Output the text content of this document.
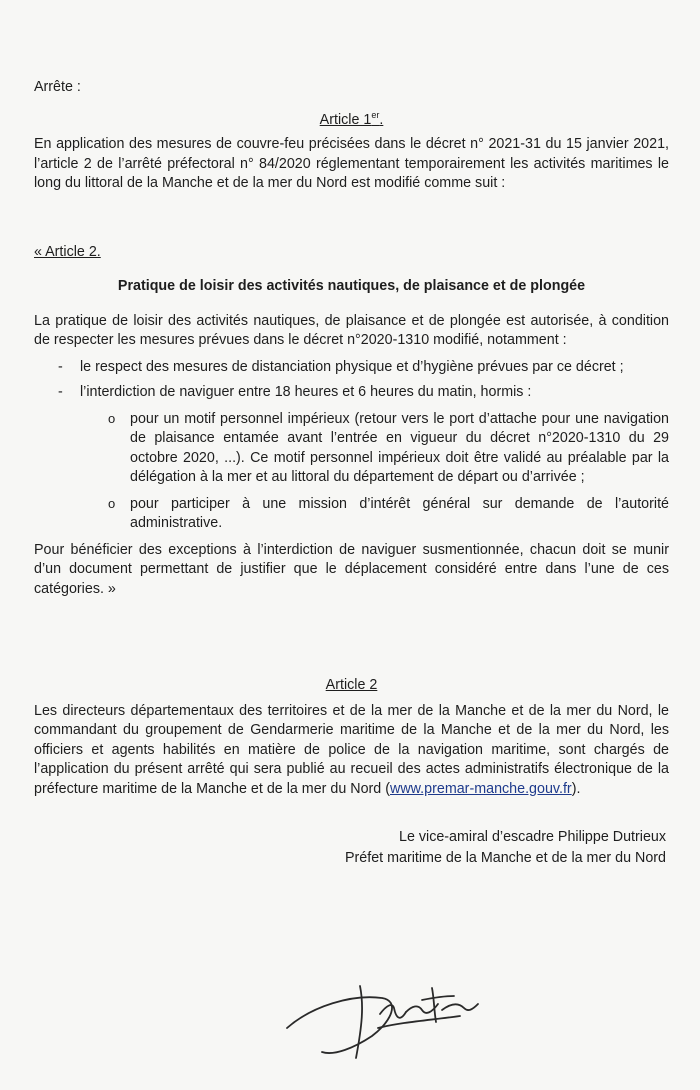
Arrête :

Article 1er.

En application des mesures de couvre-feu précisées dans le décret n° 2021-31 du 15 janvier 2021, l’article 2 de l’arrêté préfectoral n° 84/2020 réglementant temporairement les activités maritimes le long du littoral de la Manche et de la mer du Nord est modifié comme suit :

« Article 2.

Pratique de loisir des activités nautiques, de plaisance et de plongée

La pratique de loisir des activités nautiques, de plaisance et de plongée est autorisée, à condition de respecter les mesures prévues dans le décret n°2020-1310 modifié, notamment :

- le respect des mesures de distanciation physique et d’hygiène prévues par ce décret ;
- l’interdiction de naviguer entre 18 heures et 6 heures du matin, hormis :
o pour un motif personnel impérieux (retour vers le port d’attache pour une navigation de plaisance entamée avant l’entrée en vigueur du décret n°2020-1310 du 29 octobre 2020, ...). Ce motif personnel impérieux doit être validé au préalable par la délégation à la mer et au littoral du département de départ ou d’arrivée ;
o pour participer à une mission d’intérêt général sur demande de l’autorité administrative.

Pour bénéficier des exceptions à l’interdiction de naviguer susmentionnée, chacun doit se munir d’un document permettant de justifier que le déplacement considéré entre dans l’une de ces catégories. »

Article 2

Les directeurs départementaux des territoires et de la mer de la Manche et de la mer du Nord, le commandant du groupement de Gendarmerie maritime de la Manche et de la mer du Nord, les officiers et agents habilités en matière de police de la navigation maritime, sont chargés de l’application du présent arrêté qui sera publié au recueil des actes administratifs électronique de la préfecture maritime de la Manche et de la mer du Nord (www.premar-manche.gouv.fr).

Le vice-amiral d’escadre Philippe Dutrieux
Préfet maritime de la Manche et de la mer du Nord
